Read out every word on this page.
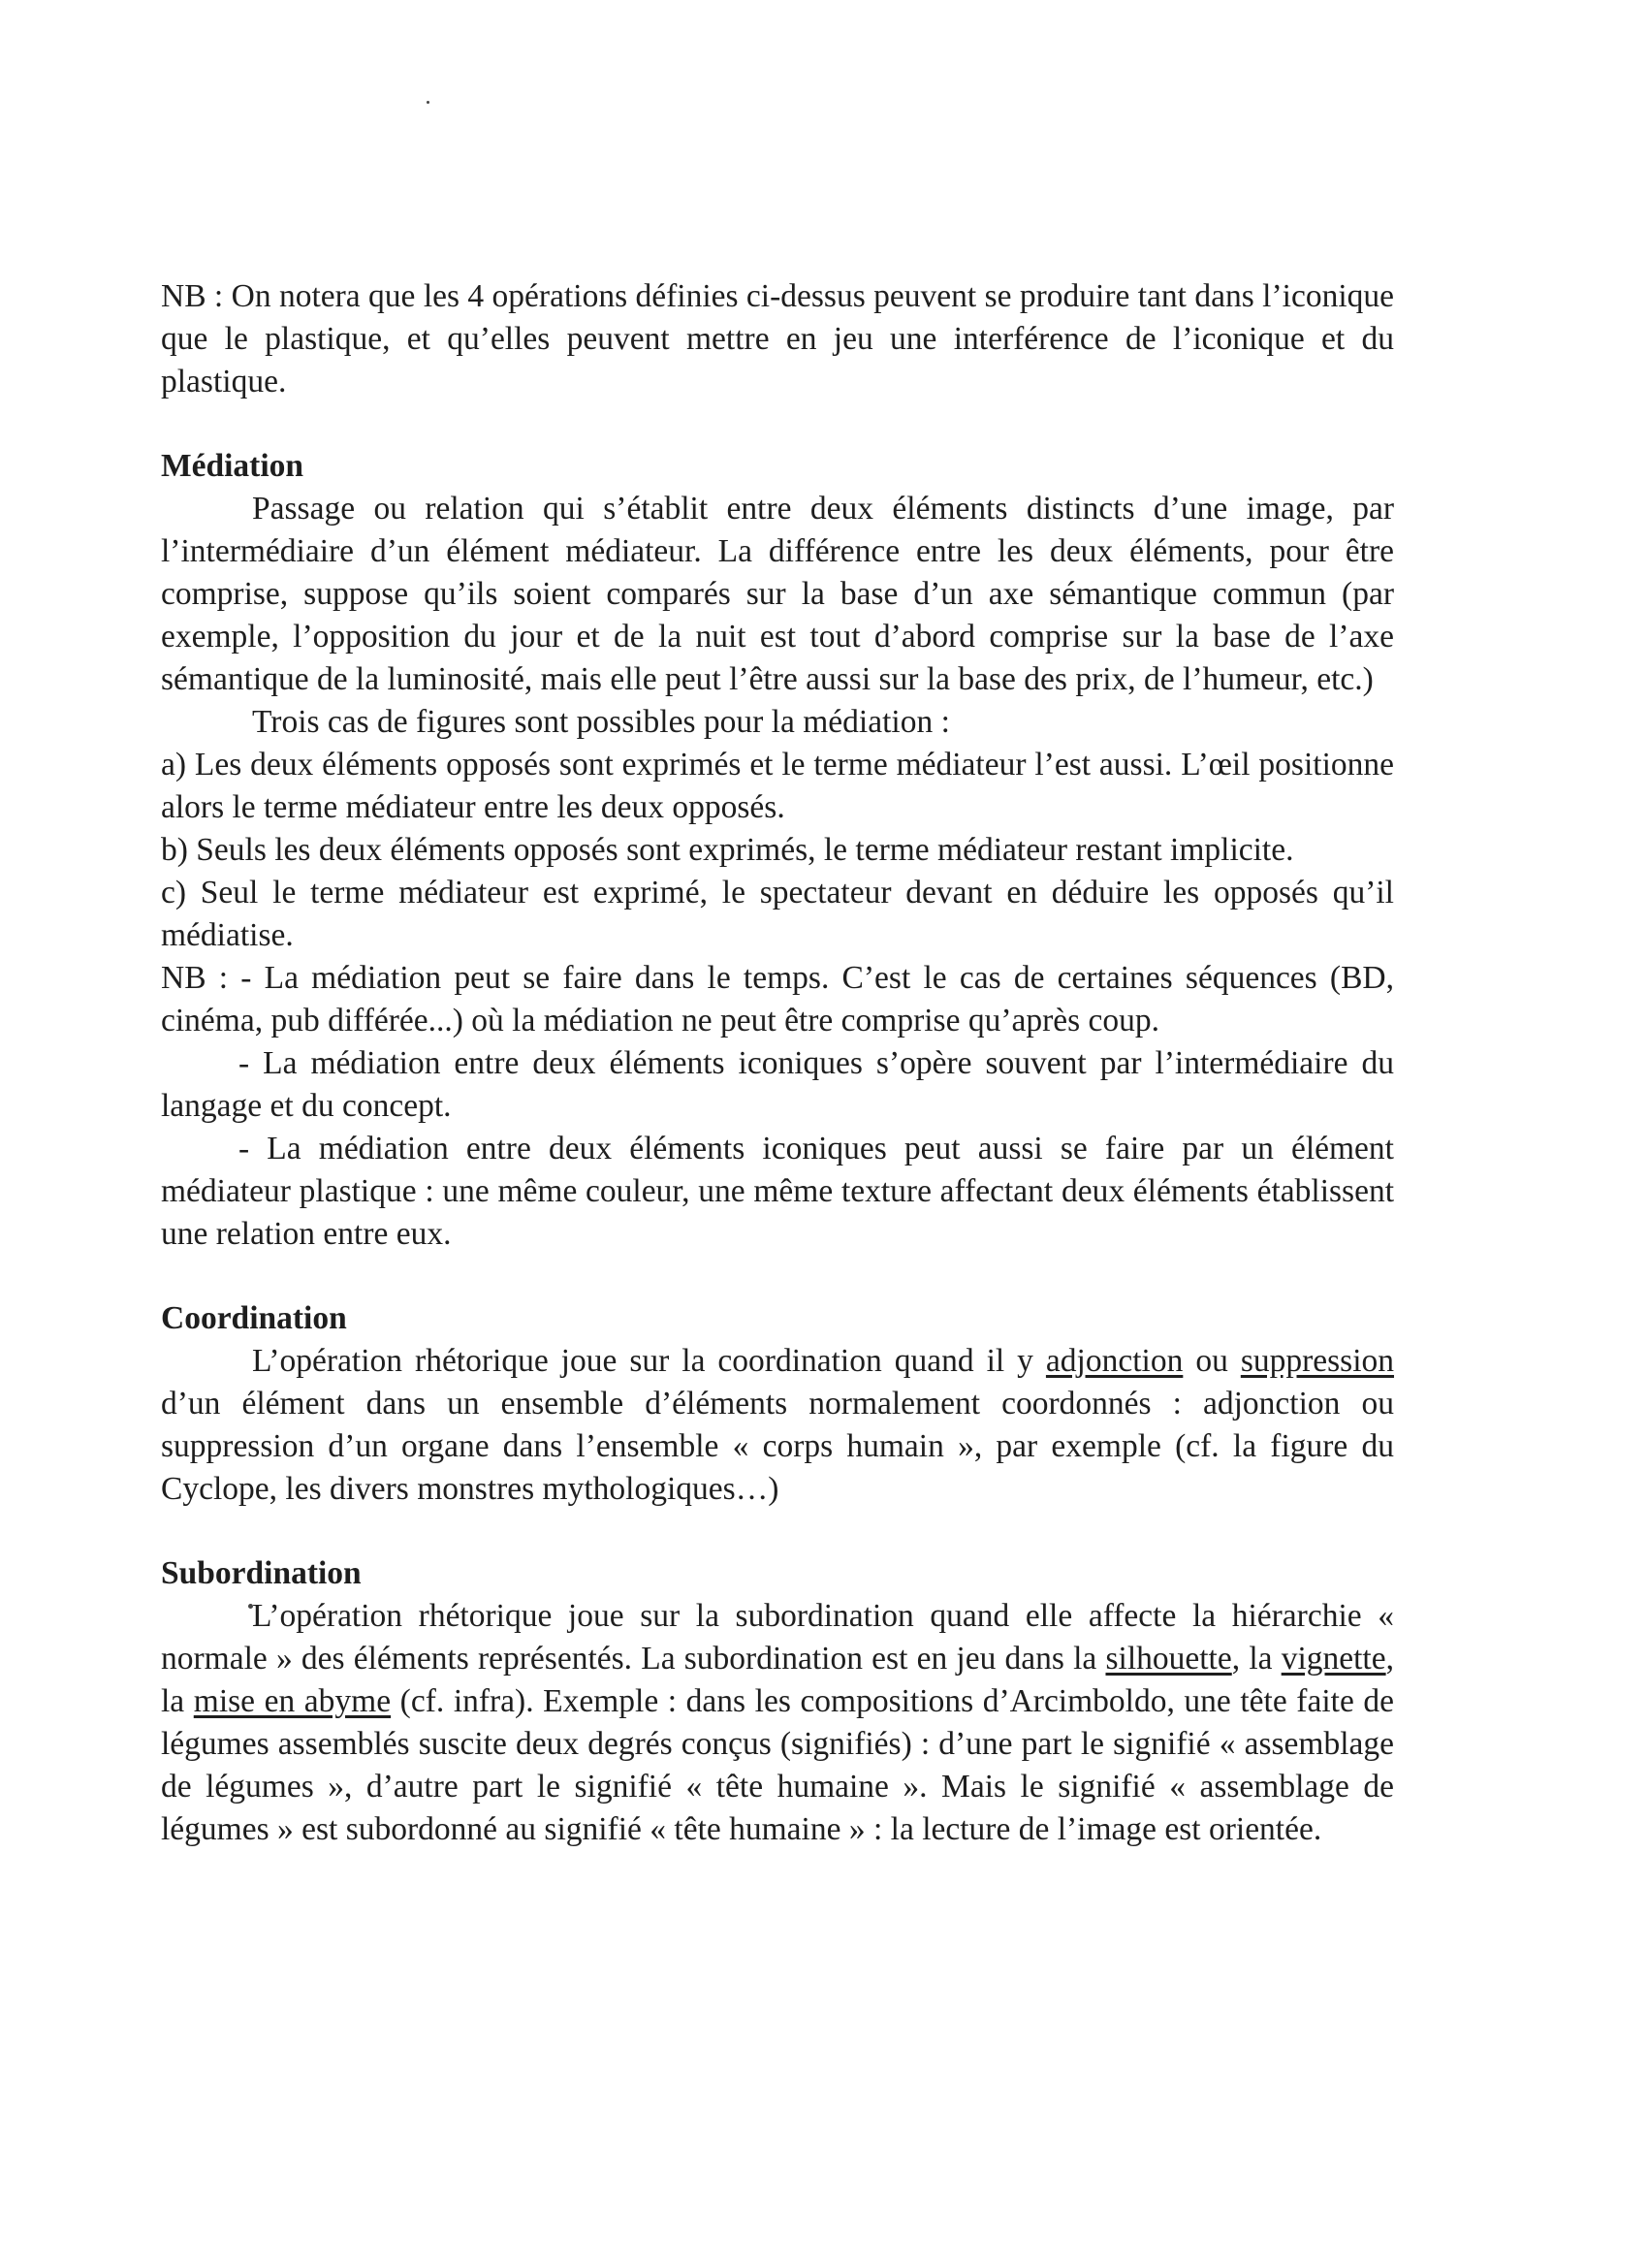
NB : On notera que les 4 opérations définies ci-dessus peuvent se produire tant dans l’iconique que le plastique, et qu’elles peuvent mettre en jeu une interférence de l’iconique et du plastique.

Médiation

Passage ou relation qui s’établit entre deux éléments distincts d’une image, par l’intermédiaire d’un élément médiateur. La différence entre les deux éléments, pour être comprise, suppose qu’ils soient comparés sur la base d’un axe sémantique commun (par exemple, l’opposition du jour et de la nuit est tout d’abord comprise sur la base de l’axe sémantique de la luminosité, mais elle peut l’être aussi sur la base des prix, de l’humeur, etc.)

Trois cas de figures sont possibles pour la médiation :

a) Les deux éléments opposés sont exprimés et le terme médiateur l’est aussi. L’œil positionne alors le terme médiateur entre les deux opposés.

b) Seuls les deux éléments opposés sont exprimés, le terme médiateur restant implicite.

c) Seul le terme médiateur est exprimé, le spectateur devant en déduire les opposés qu’il médiatise.

NB : - La médiation peut se faire dans le temps. C’est le cas de certaines séquences (BD, cinéma, pub différée...) où la médiation ne peut être comprise qu’après coup.

- La médiation entre deux éléments iconiques s’opère souvent par l’intermédiaire du langage et du concept.

- La médiation entre deux éléments iconiques peut aussi se faire par un élément médiateur plastique : une même couleur, une même texture affectant deux éléments établissent une relation entre eux.

Coordination

L’opération rhétorique joue sur la coordination quand il y adjonction ou suppression d’un élément dans un ensemble d’éléments normalement coordonnés : adjonction ou suppression d’un organe dans l’ensemble « corps humain », par exemple (cf. la figure du Cyclope, les divers monstres mythologiques…)

Subordination

L’opération rhétorique joue sur la subordination quand elle affecte la hiérarchie « normale » des éléments représentés. La subordination est en jeu dans la silhouette, la vignette, la mise en abyme (cf. infra). Exemple : dans les compositions d’Arcimboldo, une tête faite de légumes assemblés suscite deux degrés conçus (signifiés) : d’une part le signifié « assemblage de légumes », d’autre part le signifié « tête humaine ». Mais le signifié « assemblage de légumes » est subordonné au signifié « tête humaine » : la lecture de l’image est orientée.
